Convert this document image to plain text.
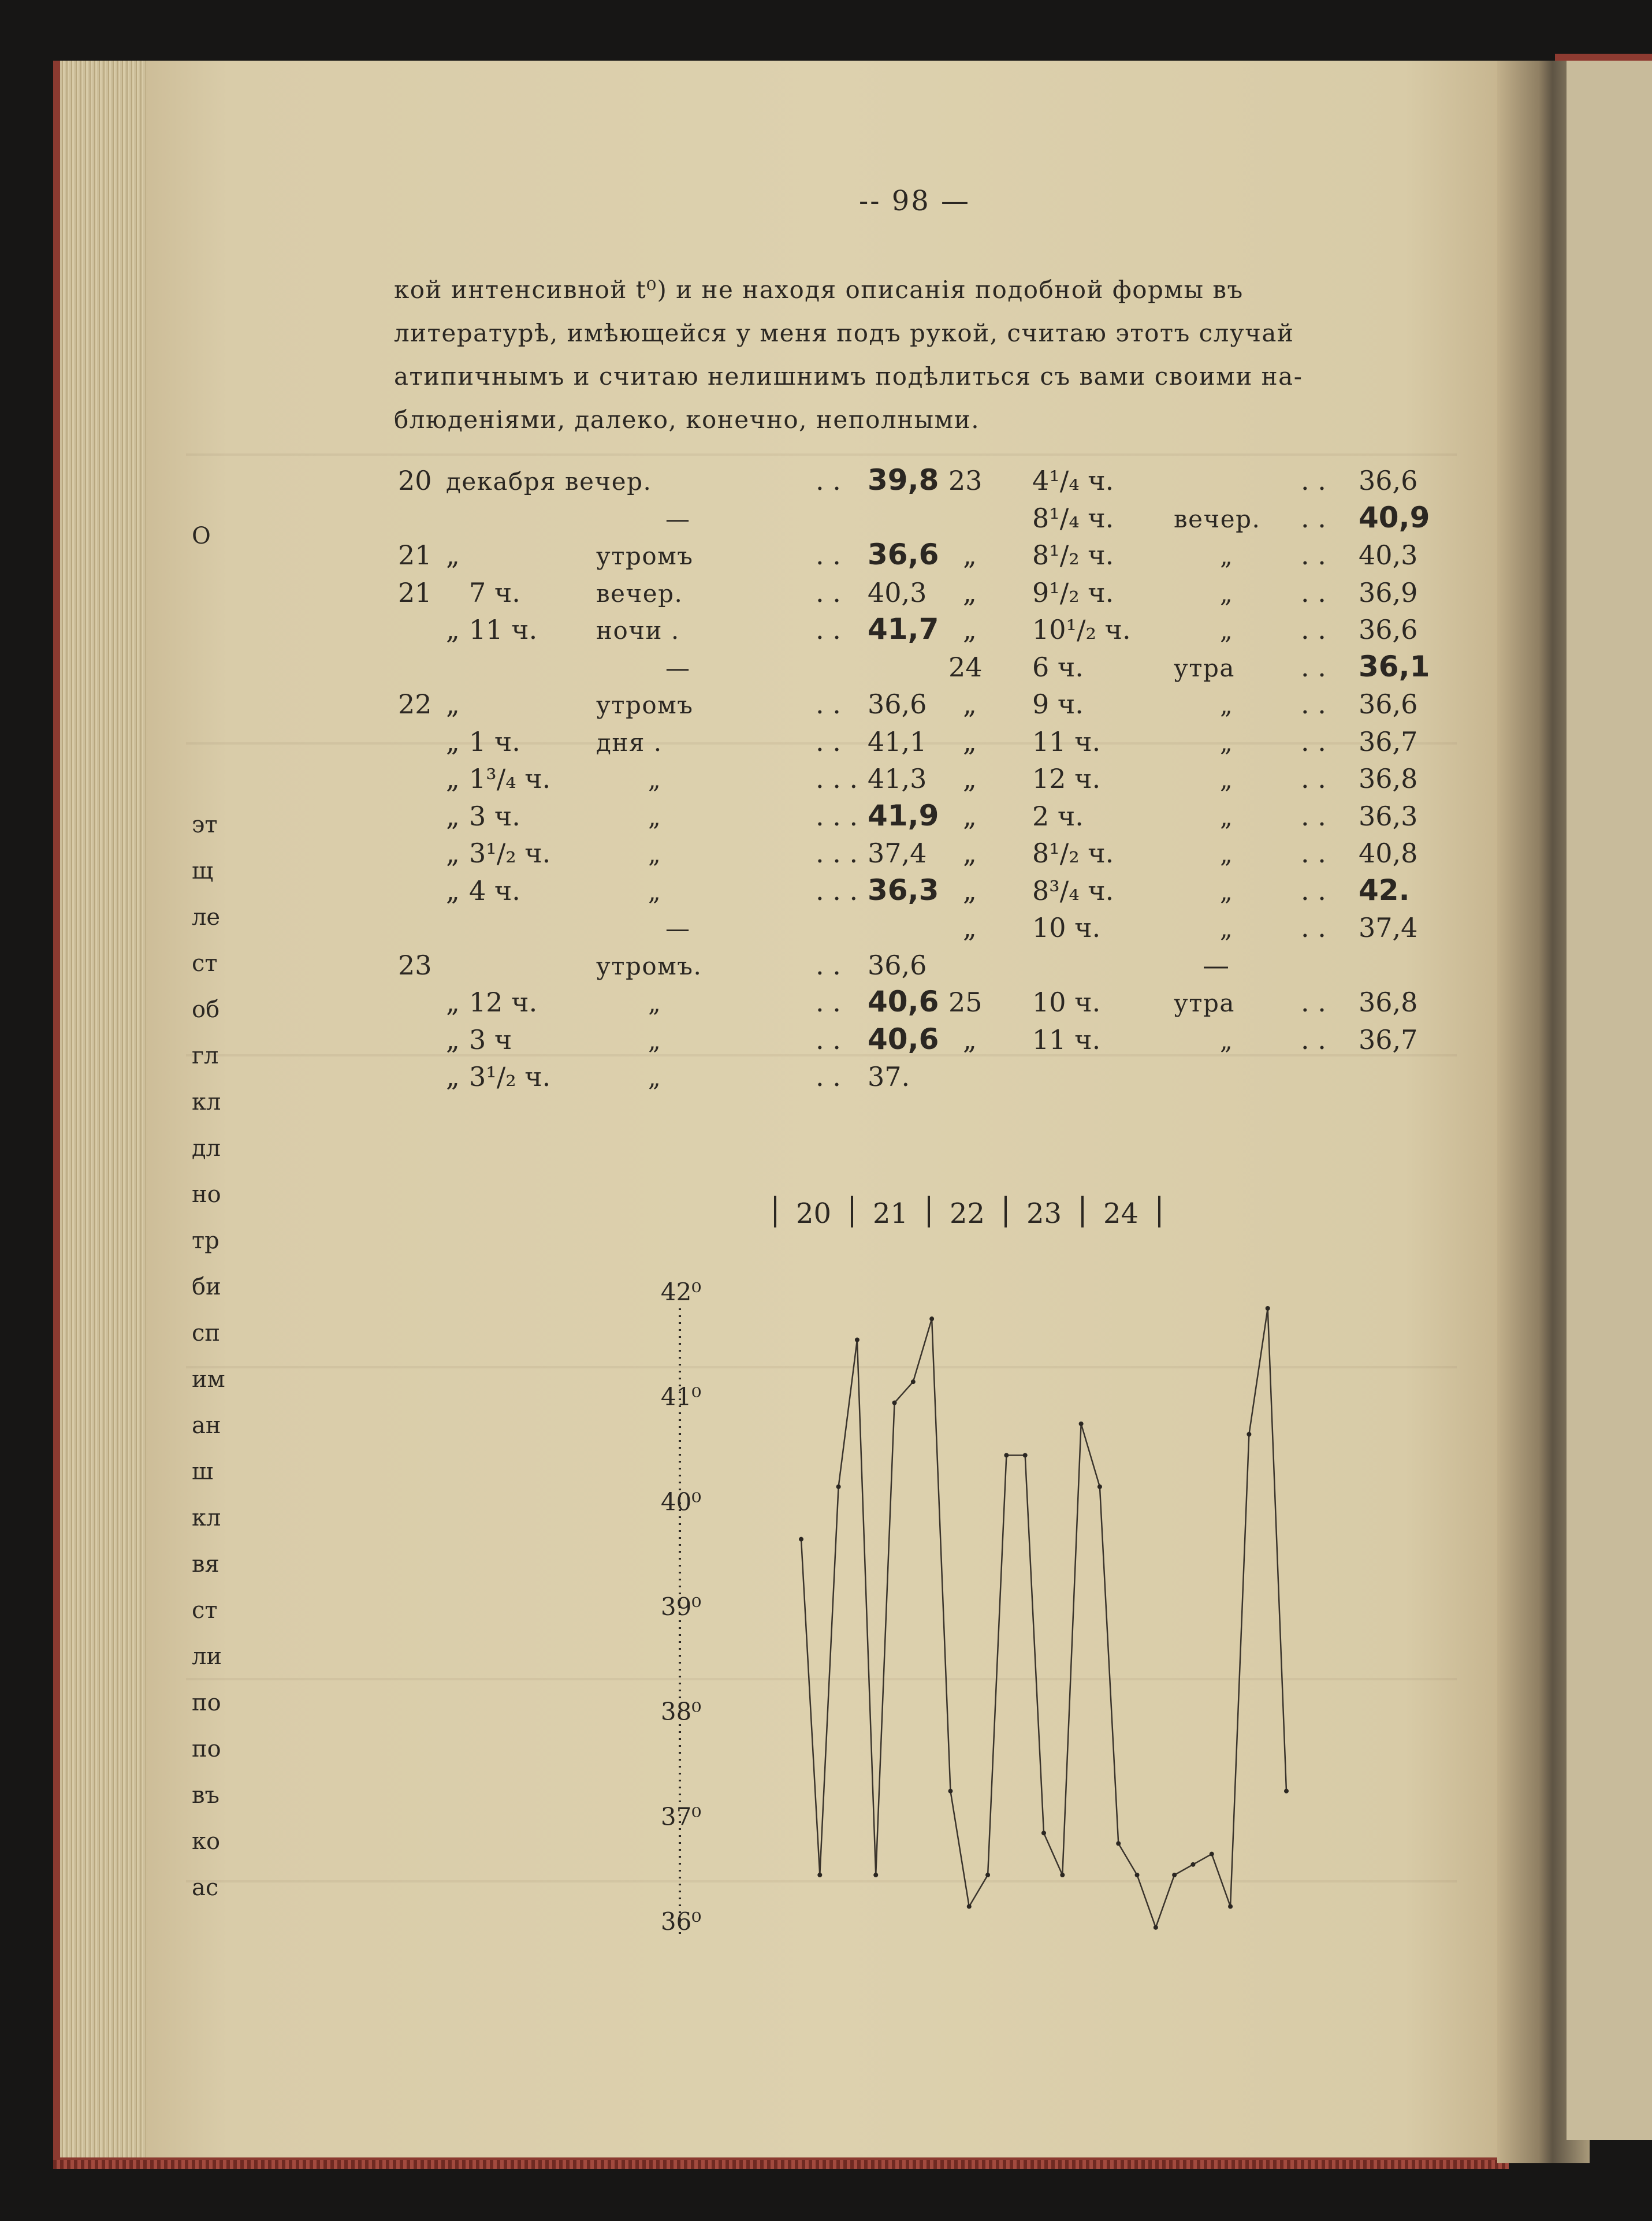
-- 98 —
кой интенсивной t⁰) и не находя описанія подобной формы въ
литературѣ, имѣющейся у меня подъ рукой, считаю этотъ случай
атипичнымъ и считаю нелишнимъ подѣлиться съ вами своими на-
блюденіями, далеко, конечно, неполными.
20 декабря вечер.	. . 39,8
—
21 „	утромъ	. . 36,6
21 7 ч.	вечер.	. . 40,3
„ 11 ч. ночи .	. . 41,7
—
22 „	утромъ	. . 36,6
„ 1 ч.	дня .	. . 41,1
„ 1³/₄ ч.	„	. . . 41,3
„ 3 ч.	„	. . . 41,9
„ 3¹/₂ ч.	„	. . . 37,4
„ 4 ч.	„	. . . 36,3
—
23	утромъ.	. . 36,6
„ 12 ч.	„	. . 40,6
„ 3 ч	„	. . 40,6
„ 3¹/₂ ч.	„	. . 37.
23 4¹/₄ ч.	. . 36,6
8¹/₄ ч. вечер. . . 40,9
„ 8¹/₂ ч.	„	. . 40,3
„ 9¹/₂ ч.	„	. . 36,9
„ 10¹/₂ ч.	„	. . 36,6
24 6 ч.	утра . . 36,1
„ 9 ч.	„	. . 36,6
„ 11 ч.	„	. . 36,7
„ 12 ч.	„	. . 36,8
„ 2 ч.	„	. . 36,3
„ 8¹/₂ ч.	„	. . 40,8
„ 8³/₄ ч.	„	. . 42.
„ 10 ч.	„	. . 37,4
—
25 10 ч.	утра . . 36,8
„ 11 ч.	„	. . 36,7
20 21 22 23 24
42⁰
41⁰
40⁰
39⁰
38⁰
37⁰
36⁰
О
эт
щ
ле
ст
об
гл
кл
дл
но
тр
би
сп
им
ан
ш
кл
вя
ст
ли
по
по
въ
ко
ас
